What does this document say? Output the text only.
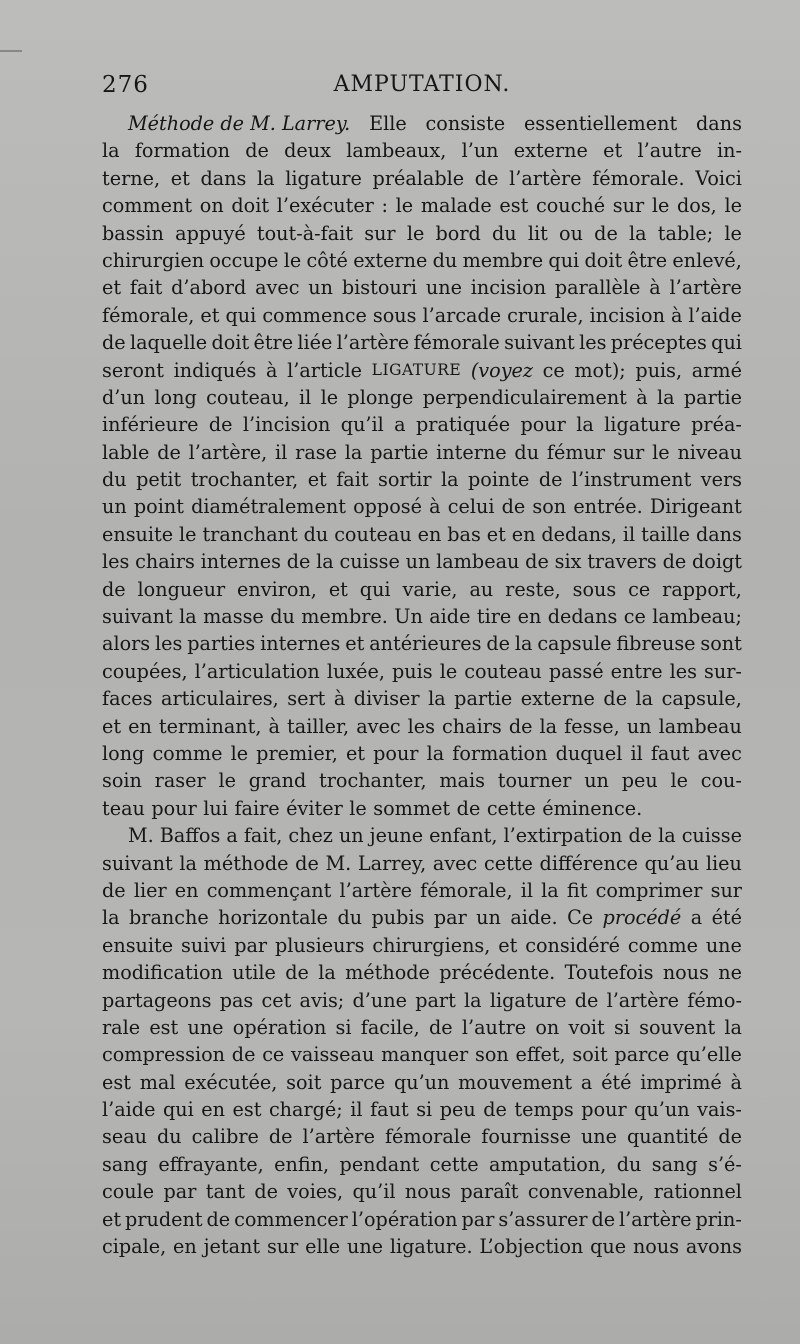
276	AMPUTATION.
Méthode de M. Larrey. Elle consiste essentiellement dans
la formation de deux lambeaux, l’un externe et l’autre in-
terne, et dans la ligature préalable de l’artère fémorale. Voici
comment on doit l’exécuter : le malade est couché sur le dos, le
bassin appuyé tout-à-fait sur le bord du lit ou de la table; le
chirurgien occupe le côté externe du membre qui doit être enlevé,
et fait d’abord avec un bistouri une incision parallèle à l’artère
fémorale, et qui commence sous l’arcade crurale, incision à l’aide
de laquelle doit être liée l’artère fémorale suivant les préceptes qui
seront indiqués à l’article LIGATURE (voyez ce mot); puis, armé
d’un long couteau, il le plonge perpendiculairement à la partie
inférieure de l’incision qu’il a pratiquée pour la ligature préa-
lable de l’artère, il rase la partie interne du fémur sur le niveau
du petit trochanter, et fait sortir la pointe de l’instrument vers
un point diamétralement opposé à celui de son entrée. Dirigeant
ensuite le tranchant du couteau en bas et en dedans, il taille dans
les chairs internes de la cuisse un lambeau de six travers de doigt
de longueur environ, et qui varie, au reste, sous ce rapport,
suivant la masse du membre. Un aide tire en dedans ce lambeau;
alors les parties internes et antérieures de la capsule fibreuse sont
coupées, l’articulation luxée, puis le couteau passé entre les sur-
faces articulaires, sert à diviser la partie externe de la capsule,
et en terminant, à tailler, avec les chairs de la fesse, un lambeau
long comme le premier, et pour la formation duquel il faut avec
soin raser le grand trochanter, mais tourner un peu le cou-
teau pour lui faire éviter le sommet de cette éminence.
M. Baffos a fait, chez un jeune enfant, l’extirpation de la cuisse
suivant la méthode de M. Larrey, avec cette différence qu’au lieu
de lier en commençant l’artère fémorale, il la fit comprimer sur
la branche horizontale du pubis par un aide. Ce procédé a été
ensuite suivi par plusieurs chirurgiens, et considéré comme une
modification utile de la méthode précédente. Toutefois nous ne
partageons pas cet avis; d’une part la ligature de l’artère fémo-
rale est une opération si facile, de l’autre on voit si souvent la
compression de ce vaisseau manquer son effet, soit parce qu’elle
est mal exécutée, soit parce qu’un mouvement a été imprimé à
l’aide qui en est chargé; il faut si peu de temps pour qu’un vais-
seau du calibre de l’artère fémorale fournisse une quantité de
sang effrayante, enfin, pendant cette amputation, du sang s’é-
coule par tant de voies, qu’il nous paraît convenable, rationnel
et prudent de commencer l’opération par s’assurer de l’artère prin-
cipale, en jetant sur elle une ligature. L’objection que nous avons
